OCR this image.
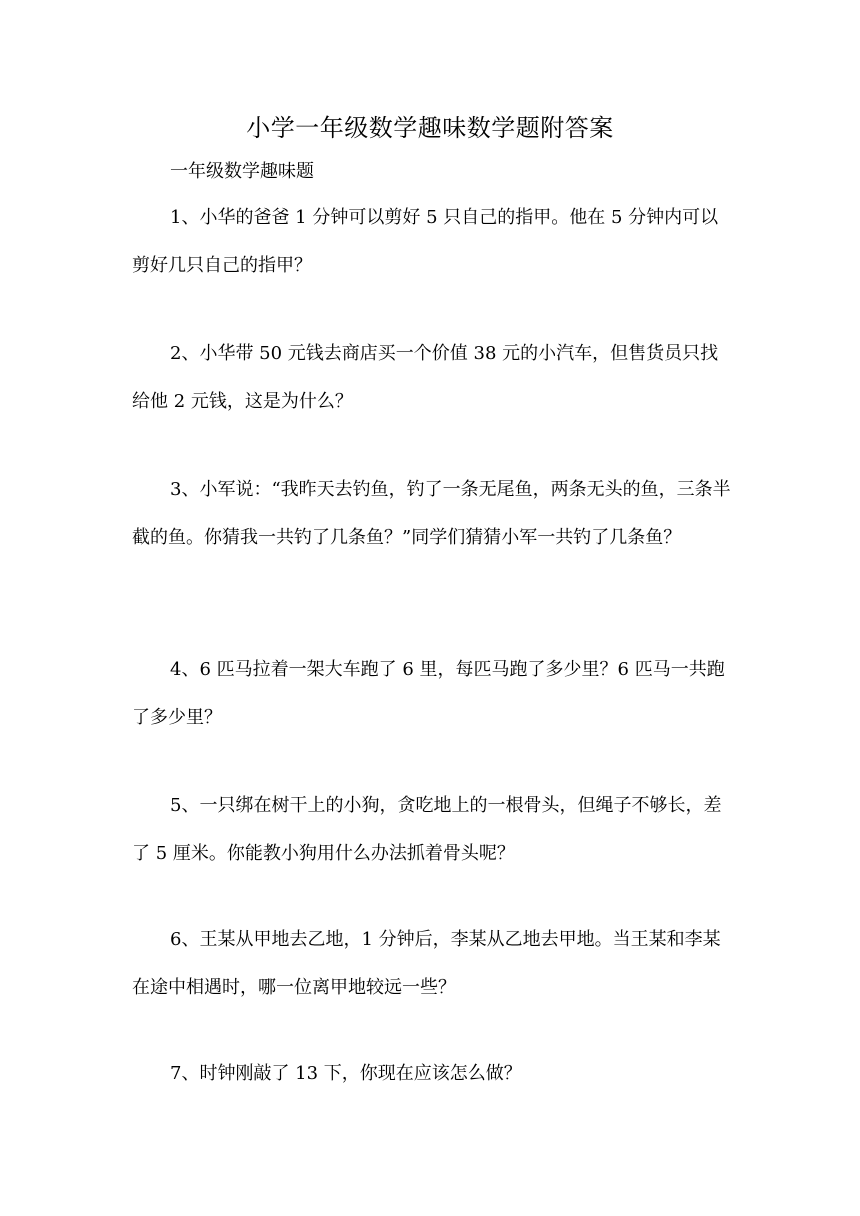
小学一年级数学趣味数学题附答案
一年级数学趣味题
1、小华的爸爸 1 分钟可以剪好 5 只自己的指甲。他在 5 分钟内可以剪好几只自己的指甲？
2、小华带 50 元钱去商店买一个价值 38 元的小汽车，但售货员只找给他 2 元钱，这是为什么？
3、小军说：“我昨天去钓鱼，钓了一条无尾鱼，两条无头的鱼，三条半截的鱼。你猜我一共钓了几条鱼？”同学们猜猜小军一共钓了几条鱼？
4、6 匹马拉着一架大车跑了 6 里，每匹马跑了多少里？6 匹马一共跑了多少里？
5、一只绑在树干上的小狗，贪吃地上的一根骨头，但绳子不够长，差了 5 厘米。你能教小狗用什么办法抓着骨头呢？
6、王某从甲地去乙地，1 分钟后，李某从乙地去甲地。当王某和李某在途中相遇时，哪一位离甲地较远一些？
7、时钟刚敲了 13 下，你现在应该怎么做？
